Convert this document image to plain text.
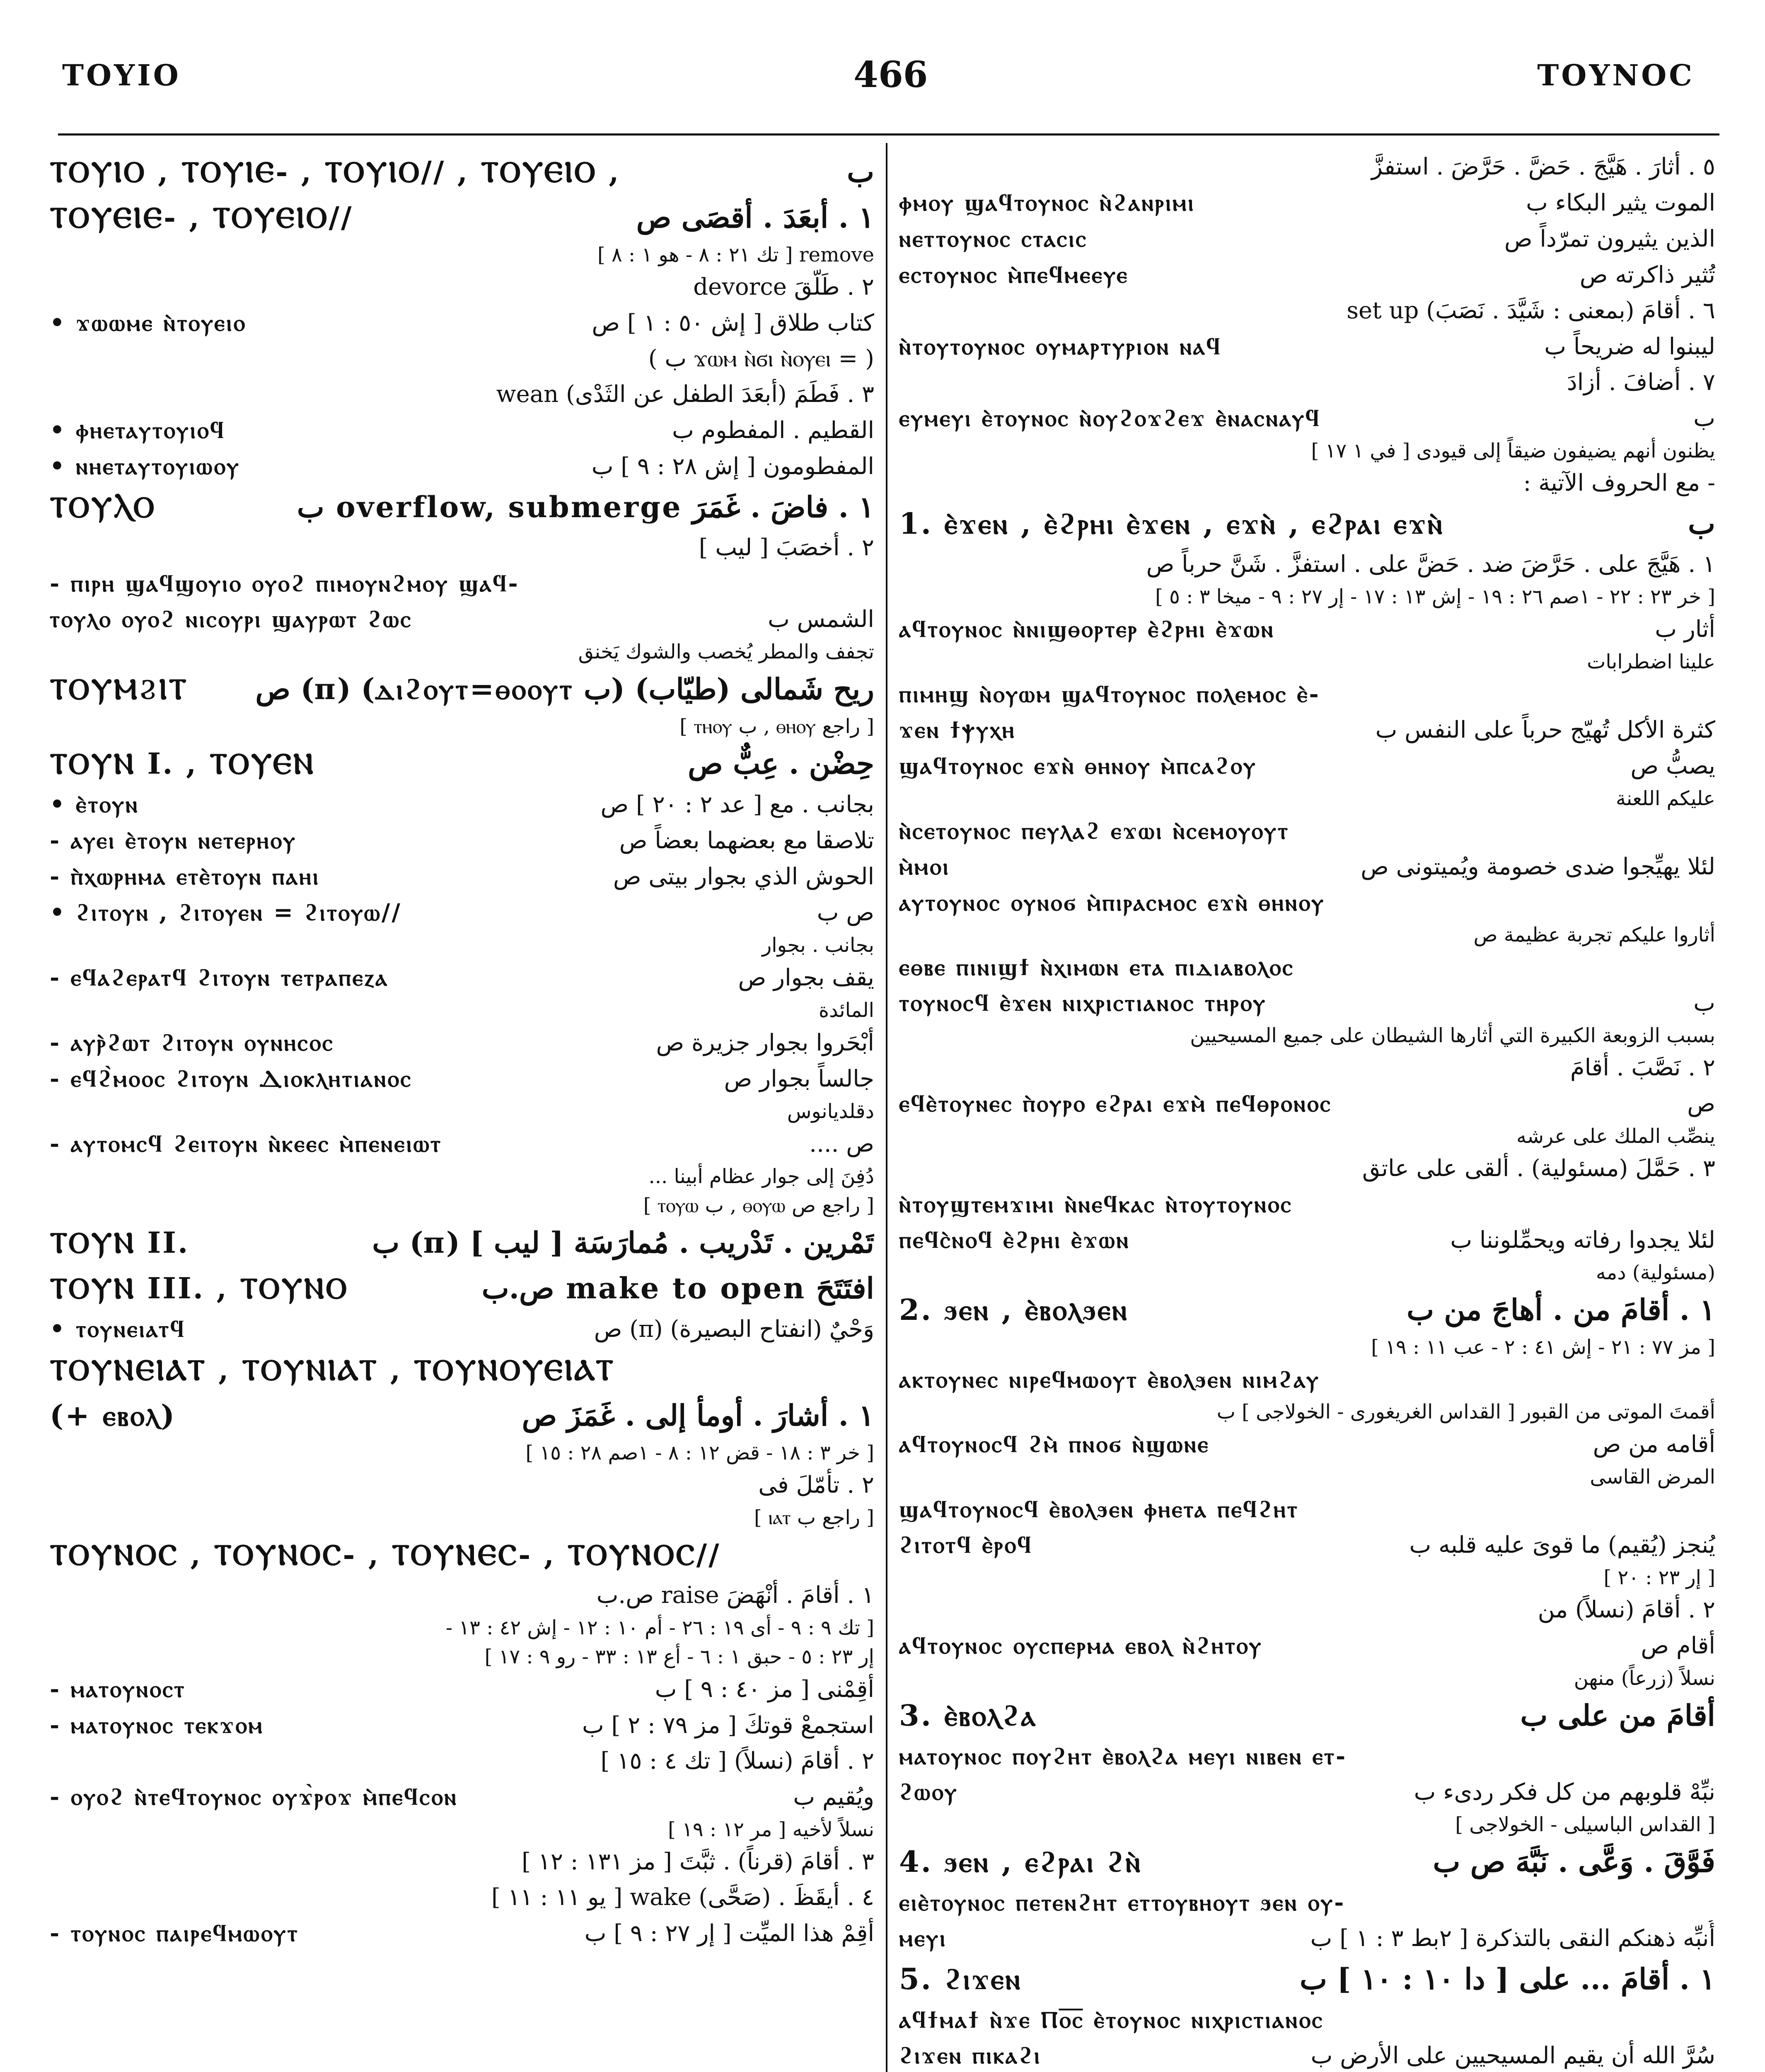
ΤΟΥΙΟ	466	ΤΟΥΝΟϹ
٥ . أثارَ . هَيَّجَ . حَضَّ . حَرَّضَ . استفزَّ
الموت يثير البكاء ب
ⲫⲙⲟⲩ ϣⲁϥⲧⲟⲩⲛⲟⲥ ⲛ̀ϩⲁⲛⲣⲓⲙⲓ
الذين يثيرون تمرّداً ص
ⲛⲉⲧⲧⲟⲩⲛⲟⲥ ⲥⲧⲁⲥⲓⲥ
تُثير ذاكرته ص
ⲉⲥⲧⲟⲩⲛⲟⲥ ⲙ̀ⲡⲉϥⲙⲉⲉⲩⲉ
٦ . أقامَ (بمعنى : شَيَّدَ . نَصَبَ) set up
ليبنوا له ضريحاً ب
ⲛ̀ⲧⲟⲩⲧⲟⲩⲛⲟⲥ ⲟⲩⲙⲁⲣⲧⲩⲣⲓⲟⲛ ⲛⲁϥ
٧ . أضافَ . أزادَ
ب
ⲉⲩⲙⲉⲩⲓ ⲉ̀ⲧⲟⲩⲛⲟⲥ ⲛ̀ⲟⲩϩⲟϫϩⲉϫ ⲉ̀ⲛⲁⲥⲛⲁⲩϥ
يظنون أنهم يضيفون ضيقاً إلى قيودى [ في ١ ١٧ ]
- مع الحروف الآتية :
ب
1. ⲉ̀ϫⲉⲛ , ⲉ̀ϩⲣⲏⲓ ⲉ̀ϫⲉⲛ , ⲉϫⲛ̀ , ⲉϩⲣⲁⲓ ⲉϫⲛ̀
١ . هَيَّجَ على . حَرَّضَ ضد . حَضَّ على . استفزَّ . شَنَّ حرباً ص
[ خر ٢٣ : ٢٢ - ١صم ٢٦ : ١٩ - إش ١٣ : ١٧ - إر ٢٧ : ٩ - ميخا ٣ : ٥ ]
أثار ب
ⲁϥⲧⲟⲩⲛⲟⲥ ⲛ̀ⲛⲓϣⲑⲟⲣⲧⲉⲣ ⲉ̀ϩⲣⲏⲓ ⲉ̀ϫⲱⲛ
علينا اضطرابات
ⲡⲓⲙⲏϣ ⲛ̀ⲟⲩⲱⲙ ϣⲁϥⲧⲟⲩⲛⲟⲥ ⲡⲟⲗⲉⲙⲟⲥ ⲉ̀-
كثرة الأكل تُهيّج حرباً على النفس ب
ϫⲉⲛ ϯⲯⲩⲭⲏ
يصبُّ ص
ϣⲁϥⲧⲟⲩⲛⲟⲥ ⲉϫⲛ̀ ⲑⲏⲛⲟⲩ ⲙ̀ⲡⲥⲁϩⲟⲩ
عليكم اللعنة
ⲛ̀ⲥⲉⲧⲟⲩⲛⲟⲥ ⲡⲉⲩⲗⲁϩ ⲉϫⲱⲓ ⲛ̀ⲥⲉⲙⲟⲩⲟⲩⲧ
لئلا يهيِّجوا ضدى خصومة ويُميتونى ص
ⲙ̀ⲙⲟⲓ
ⲁⲩⲧⲟⲩⲛⲟⲥ ⲟⲩⲛⲟϭ ⲙ̀ⲡⲓⲣⲁⲥⲙⲟⲥ ⲉϫⲛ̀ ⲑⲏⲛⲟⲩ
أثاروا عليكم تجربة عظيمة ص
ⲉⲑⲃⲉ ⲡⲓⲛⲓϣϯ ⲛ̀ⲭⲓⲙⲱⲛ ⲉⲧⲁ ⲡⲓⲇⲓⲁⲃⲟⲗⲟⲥ
ب
ⲧⲟⲩⲛⲟⲥϥ ⲉ̀ϫⲉⲛ ⲛⲓⲭⲣⲓⲥⲧⲓⲁⲛⲟⲥ ⲧⲏⲣⲟⲩ
بسبب الزوبعة الكبيرة التي أثارها الشيطان على جميع المسيحيين
٢ . نَصَّبَ . أقامَ
ص
ⲉϥⲉ̀ⲧⲟⲩⲛⲉⲥ ⲡ̀ⲟⲩⲣⲟ ⲉϩⲣⲁⲓ ⲉϫⲙ̀ ⲡⲉϥⲑⲣⲟⲛⲟⲥ
ينصِّب الملك على عرشه
٣ . حَمَّلَ (مسئولية) . ألقى على عاتق
ⲛ̀ⲧⲟⲩϣⲧⲉⲙϫⲓⲙⲓ ⲛ̀ⲛⲉϥⲕⲁⲥ ⲛ̀ⲧⲟⲩⲧⲟⲩⲛⲟⲥ
لئلا يجدوا رفاته ويحمِّلوننا ب
ⲡⲉϥⲥ̀ⲛⲟϥ ⲉ̀ϩⲣⲏⲓ ⲉ̀ϫⲱⲛ
(مسئولية) دمه
١ . أقامَ من . أهاجَ من ب
2. ϧⲉⲛ , ⲉ̀ⲃⲟⲗϧⲉⲛ
[ مز ٧٧ : ٢١ - إش ٤١ : ٢ - عب ١١ : ١٩ ]
ⲁⲕⲧⲟⲩⲛⲉⲥ ⲛⲓⲣⲉϥⲙⲱⲟⲩⲧ ⲉ̀ⲃⲟⲗϧⲉⲛ ⲛⲓⲙϩⲁⲩ
أقمتَ الموتى من القبور [ القداس الغريغورى - الخولاجى ] ب
أقامه من ص
ⲁϥⲧⲟⲩⲛⲟⲥϥ ϩⲙ̀ ⲡⲛⲟϭ ⲛ̀ϣⲱⲛⲉ
المرض القاسى
ϣⲁϥⲧⲟⲩⲛⲟⲥϥ ⲉ̀ⲃⲟⲗϧⲉⲛ ⲫⲏⲉⲧⲁ ⲡⲉϥϩⲏⲧ
يُنجز (يُقيم) ما قوىَ عليه قلبه ب
ϩⲓⲧⲟⲧϥ ⲉ̀ⲣⲟϥ
[ إر ٢٣ : ٢٠ ]
٢ . أقامَ (نسلاً) من
أقام ص
ⲁϥⲧⲟⲩⲛⲟⲥ ⲟⲩⲥⲡⲉⲣⲙⲁ ⲉⲃⲟⲗ ⲛ̀ϩⲏⲧⲟⲩ
نسلاً (زرعاً) منهن
أقامَ من على ب
3. ⲉ̀ⲃⲟⲗϩⲁ
ⲙⲁⲧⲟⲩⲛⲟⲥ ⲡⲟⲩϩⲏⲧ ⲉ̀ⲃⲟⲗϩⲁ ⲙⲉⲩⲓ ⲛⲓⲃⲉⲛ ⲉⲧ-
نبِّهْ قلوبهم من كل فكر ردىء ب
ϩⲱⲟⲩ
[ القداس الباسيلى - الخولاجى ]
فَوَّقَ . وَعَّى . نَبَّهَ ص ب
4. ϧⲉⲛ , ⲉϩⲣⲁⲓ ϩⲛ̀
ⲉⲓⲉ̀ⲧⲟⲩⲛⲟⲥ ⲡⲉⲧⲉⲛϩⲏⲧ ⲉⲧⲧⲟⲩⲃⲏⲟⲩⲧ ϧⲉⲛ ⲟⲩ-
أُنبِّه ذهنكم النقى بالتذكرة [ ٢بط ٣ : ١ ] ب
ⲙⲉⲩⲓ
١ . أقامَ ... على [ دا ١٠ : ١٠ ] ب
5. ϩⲓϫⲉⲛ
ⲁϥϯⲙⲁϯ ⲛ̀ϫⲉ Ⲡⲟ̅ⲥ̅ ⲉ̀ⲧⲟⲩⲛⲟⲥ ⲛⲓⲭⲣⲓⲥⲧⲓⲁⲛⲟⲥ
سُرَّ الله أن يقيم المسيحيين على الأرض ب
ϩⲓϫⲉⲛ ⲡⲓⲕⲁϩⲓ
ب
ⲦⲞⲨⲒⲞ , ⲦⲞⲨⲒⲈ- , ⲦⲞⲨⲒⲞ// , ⲦⲞⲨⲈⲒⲞ ,
١ . أبعَدَ . أقصَى ص
ⲦⲞⲨⲈⲒⲈ- , ⲦⲞⲨⲈⲒⲞ//
remove [ تك ٢١ : ٨ - هو ١ : ٨ ]
٢ . طَلَّقَ devorce
كتاب طلاق [ إش ٥٠ : ١ ] ص
• ϫⲱⲱⲙⲉ ⲛ̀ⲧⲟⲩⲉⲓⲟ
( = ϫⲱⲙ ⲛ̀ϭⲓ ⲛ̀ⲟⲩⲉⲓ ب )
٣ . فَطَمَ (أبعَدَ الطفل عن الثَدْى) wean
القطيم . المفطوم ب
• ⲫⲏⲉⲧⲁⲩⲧⲟⲩⲓⲟϥ
المفطومون [ إش ٢٨ : ٩ ] ب
• ⲛⲏⲉⲧⲁⲩⲧⲟⲩⲓⲱⲟⲩ
١ . فاضَ . غَمَرَ overflow, submerge ب
ⲦⲞⲨⲖⲞ
٢ . أخصَبَ [ ليب ]
- ⲡⲓⲣⲏ ϣⲁϥϣⲟⲩⲓⲟ ⲟⲩⲟϩ ⲡⲓⲙⲟⲩⲛϩⲙⲟⲩ ϣⲁϥ-
الشمس ب
ⲧⲟⲩⲗⲟ ⲟⲩⲟϩ ⲛⲓⲥⲟⲩⲣⲓ ϣⲁⲩⲣⲱⲧ ϩⲱⲥ
تجفف والمطر يُخصب والشوك يَخنق
ريح شَمالى (طيّاب) (ب ⲇⲓϩⲟⲩⲧ=ⲑⲟⲟⲩⲧ) (π) ص
ⲦⲞⲨⲘϨⲒⲦ
[ راجع ⲑⲏⲟⲩ , ب ⲧⲏⲟⲩ ]
حِضْن . عِبٌّ ص
ⲦⲞⲨⲚ I. , ⲦⲞⲨⲈⲚ
بجانب . مع [ عد ٢ : ٢٠ ] ص
• ⲉ̀ⲧⲟⲩⲛ
تلاصقا مع بعضهما بعضاً ص
- ⲁⲩⲉⲓ ⲉ̀ⲧⲟⲩⲛ ⲛⲉⲧⲉⲣⲏⲟⲩ
الحوش الذي بجوار بيتى ص
- ⲡ̀ⲭⲱⲣⲏⲙⲁ ⲉⲧⲉ̀ⲧⲟⲩⲛ ⲡⲁⲏⲓ
ص ب
• ϩⲓⲧⲟⲩⲛ , ϩⲓⲧⲟⲩⲉⲛ = ϩⲓⲧⲟⲩⲱ//
بجانب . بجوار
يقف بجوار ص
- ⲉϥⲁϩⲉⲣⲁⲧϥ ϩⲓⲧⲟⲩⲛ ⲧⲉⲧⲣⲁⲡⲉⲍⲁ
المائدة
أبْحَروا بجوار جزيرة ص
- ⲁⲩⲣ̀ϩⲱⲧ ϩⲓⲧⲟⲩⲛ ⲟⲩⲛⲏⲥⲟⲥ
جالساً بجوار ص
- ⲉϥϩ̀ⲙⲟⲟⲥ ϩⲓⲧⲟⲩⲛ Ⲇⲓⲟⲕⲗⲏⲧⲓⲁⲛⲟⲥ
دقلديانوس
ص ....
- ⲁⲩⲧⲟⲙⲥϥ ϩⲉⲓⲧⲟⲩⲛ ⲛ̀ⲕⲉⲉⲥ ⲙ̀ⲡⲉⲛⲉⲓⲱⲧ
دُفِنَ إلى جوار عظام أبينا ...
[ راجع ص ⲑⲟⲩⲱ , ب ⲧⲟⲩⲱ ]
تَمْرين . تَدْريب . مُمارَسَة [ ليب ] (π) ب
ⲦⲞⲨⲚ II.
افتَتَحَ make to open ص.ب
ⲦⲞⲨⲚ III. , ⲦⲞⲨⲚⲞ
وَحْيٌ (انفتاح البصيرة) (π) ص
• ⲧⲟⲩⲛⲉⲓⲁⲧϥ
ⲦⲞⲨⲚⲈⲒⲀⲦ , ⲦⲞⲨⲚⲒⲀⲦ , ⲦⲞⲨⲚⲞⲨⲈⲒⲀⲦ
١ . أشارَ . أومأ إلى . غَمَزَ ص
(+ ⲉⲃⲟⲗ)
[ خر ٣ : ١٨ - قض ١٢ : ٨ - ١صم ٢٨ : ١٥ ]
٢ . تأمّلَ فى
[ راجع ب ⲓⲁⲧ ]
ⲦⲞⲨⲚⲞⲤ , ⲦⲞⲨⲚⲞⲤ- , ⲦⲞⲨⲚⲈⲤ- , ⲦⲞⲨⲚⲞⲤ//
١ . أقامَ . أنْهَضَ raise ص.ب
[ تك ٩ : ٩ - أى ١٩ : ٢٦ - أم ١٠ : ١٢ - إش ٤٢ : ١٣ -
إر ٢٣ : ٥ - حبق ١ : ٦ - أع ١٣ : ٣٣ - رو ٩ : ١٧ ]
أقِمْنى [ مز ٤٠ : ٩ ] ب
- ⲙⲁⲧⲟⲩⲛⲟⲥⲧ
استجمعْ قوتكَ [ مز ٧٩ : ٢ ] ب
- ⲙⲁⲧⲟⲩⲛⲟⲥ ⲧⲉⲕϫⲟⲙ
٢ . أقامَ (نسلاً) [ تك ٤ : ١٥ ]
ويُقيم ب
- ⲟⲩⲟϩ ⲛ̀ⲧⲉϥⲧⲟⲩⲛⲟⲥ ⲟⲩϫ̀ⲣⲟϫ ⲙ̀ⲡⲉϥⲥⲟⲛ
نسلاً لأخيه [ مر ١٢ : ١٩ ]
٣ . أقامَ (قرناً) . ثبَّتَ [ مز ١٣١ : ١٢ ]
٤ . أيقَظَ . (صَحَّى) wake [ يو ١١ : ١١ ]
أقِمْ هذا الميِّت [ إر ٢٧ : ٩ ] ب
- ⲧⲟⲩⲛⲟⲥ ⲡⲁⲓⲣⲉϥⲙⲱⲟⲩⲧ
